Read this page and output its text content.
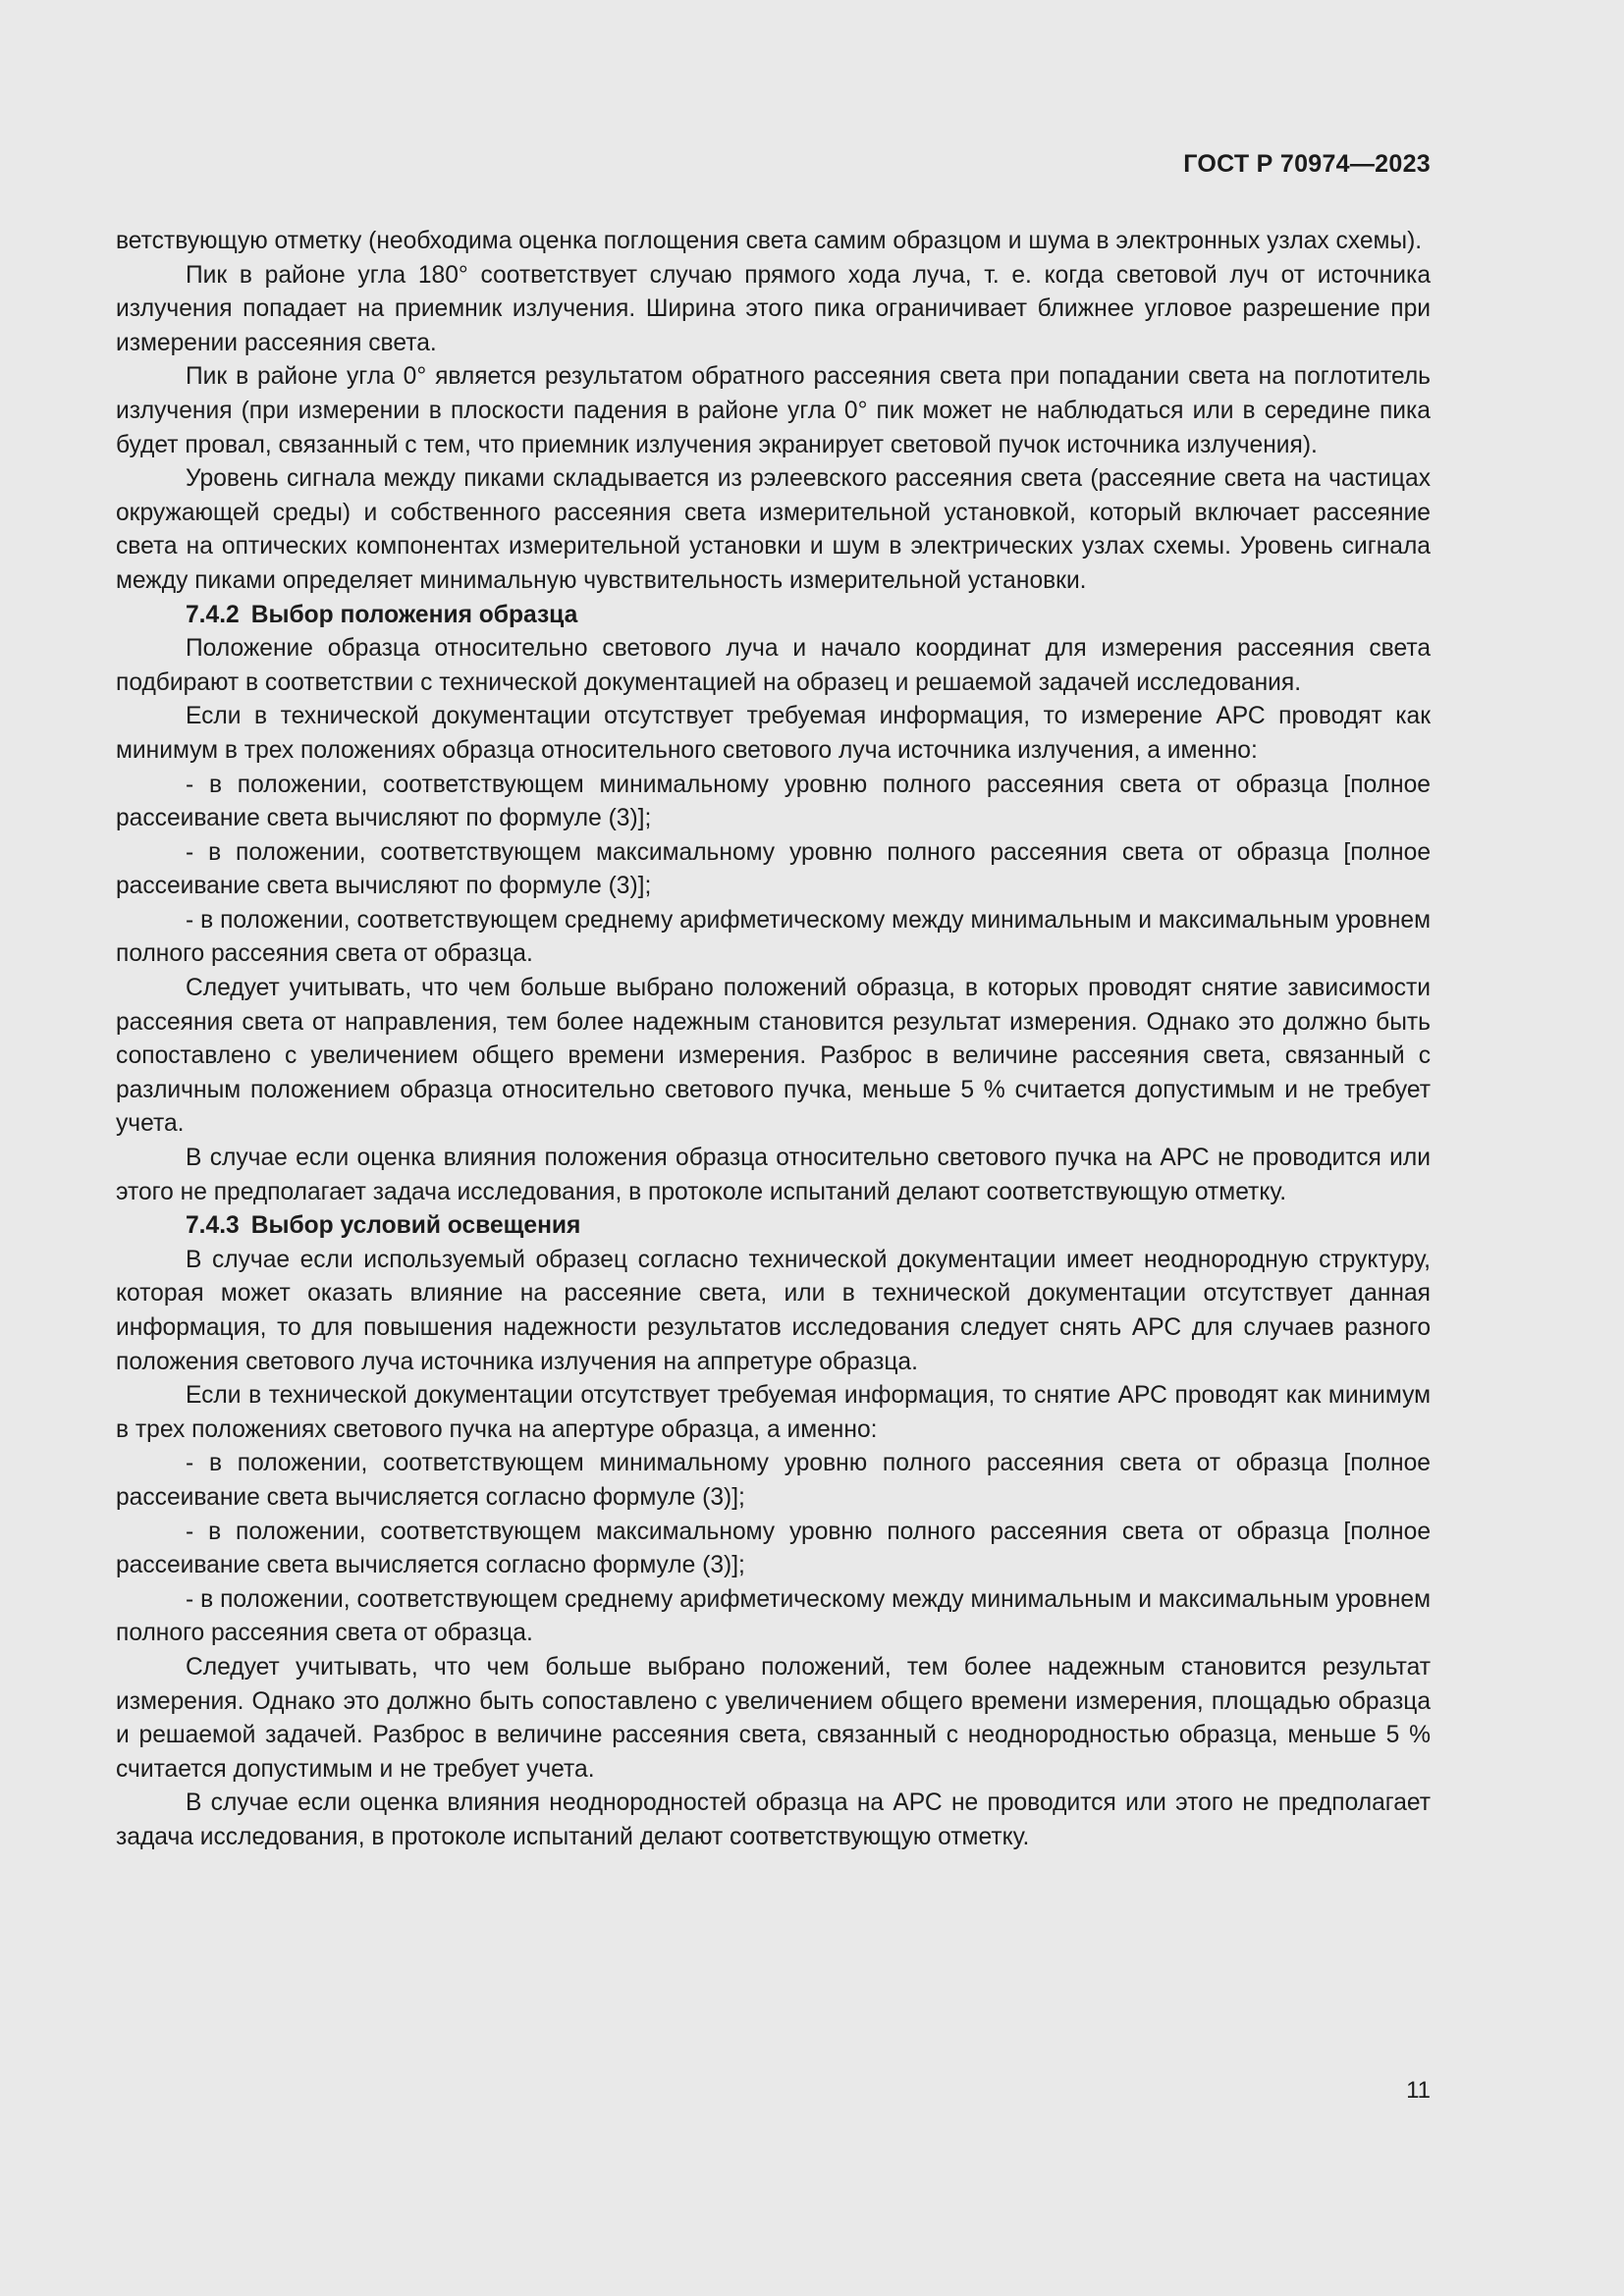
ГОСТ Р 70974—2023

ветствующую отметку (необходима оценка поглощения света самим образцом и шума в электронных узлах схемы).

Пик в районе угла 180° соответствует случаю прямого хода луча, т. е. когда световой луч от источника излучения попадает на приемник излучения. Ширина этого пика ограничивает ближнее угловое разрешение при измерении рассеяния света.

Пик в районе угла 0° является результатом обратного рассеяния света при попадании света на поглотитель излучения (при измерении в плоскости падения в районе угла 0° пик может не наблюдаться или в середине пика будет провал, связанный с тем, что приемник излучения экранирует световой пучок источника излучения).

Уровень сигнала между пиками складывается из рэлеевского рассеяния света (рассеяние света на частицах окружающей среды) и собственного рассеяния света измерительной установкой, который включает рассеяние света на оптических компонентах измерительной установки и шум в электрических узлах схемы. Уровень сигнала между пиками определяет минимальную чувствительность измерительной установки.

7.4.2 Выбор положения образца

Положение образца относительно светового луча и начало координат для измерения рассеяния света подбирают в соответствии с технической документацией на образец и решаемой задачей исследования.

Если в технической документации отсутствует требуемая информация, то измерение АРС проводят как минимум в трех положениях образца относительного светового луча источника излучения, а именно:

- в положении, соответствующем минимальному уровню полного рассеяния света от образца [полное рассеивание света вычисляют по формуле (3)];

- в положении, соответствующем максимальному уровню полного рассеяния света от образца [полное рассеивание света вычисляют по формуле (3)];

- в положении, соответствующем среднему арифметическому между минимальным и максимальным уровнем полного рассеяния света от образца.

Следует учитывать, что чем больше выбрано положений образца, в которых проводят снятие зависимости рассеяния света от направления, тем более надежным становится результат измерения. Однако это должно быть сопоставлено с увеличением общего времени измерения. Разброс в величине рассеяния света, связанный с различным положением образца относительно светового пучка, меньше 5 % считается допустимым и не требует учета.

В случае если оценка влияния положения образца относительно светового пучка на АРС не проводится или этого не предполагает задача исследования, в протоколе испытаний делают соответствующую отметку.

7.4.3 Выбор условий освещения

В случае если используемый образец согласно технической документации имеет неоднородную структуру, которая может оказать влияние на рассеяние света, или в технической документации отсутствует данная информация, то для повышения надежности результатов исследования следует снять АРС для случаев разного положения светового луча источника излучения на аппретуре образца.

Если в технической документации отсутствует требуемая информация, то снятие АРС проводят как минимум в трех положениях светового пучка на апертуре образца, а именно:

- в положении, соответствующем минимальному уровню полного рассеяния света от образца [полное рассеивание света вычисляется согласно формуле (3)];

- в положении, соответствующем максимальному уровню полного рассеяния света от образца [полное рассеивание света вычисляется согласно формуле (3)];

- в положении, соответствующем среднему арифметическому между минимальным и максимальным уровнем полного рассеяния света от образца.

Следует учитывать, что чем больше выбрано положений, тем более надежным становится результат измерения. Однако это должно быть сопоставлено с увеличением общего времени измерения, площадью образца и решаемой задачей. Разброс в величине рассеяния света, связанный с неоднородностью образца, меньше 5 % считается допустимым и не требует учета.

В случае если оценка влияния неоднородностей образца на АРС не проводится или этого не предполагает задача исследования, в протоколе испытаний делают соответствующую отметку.

11
